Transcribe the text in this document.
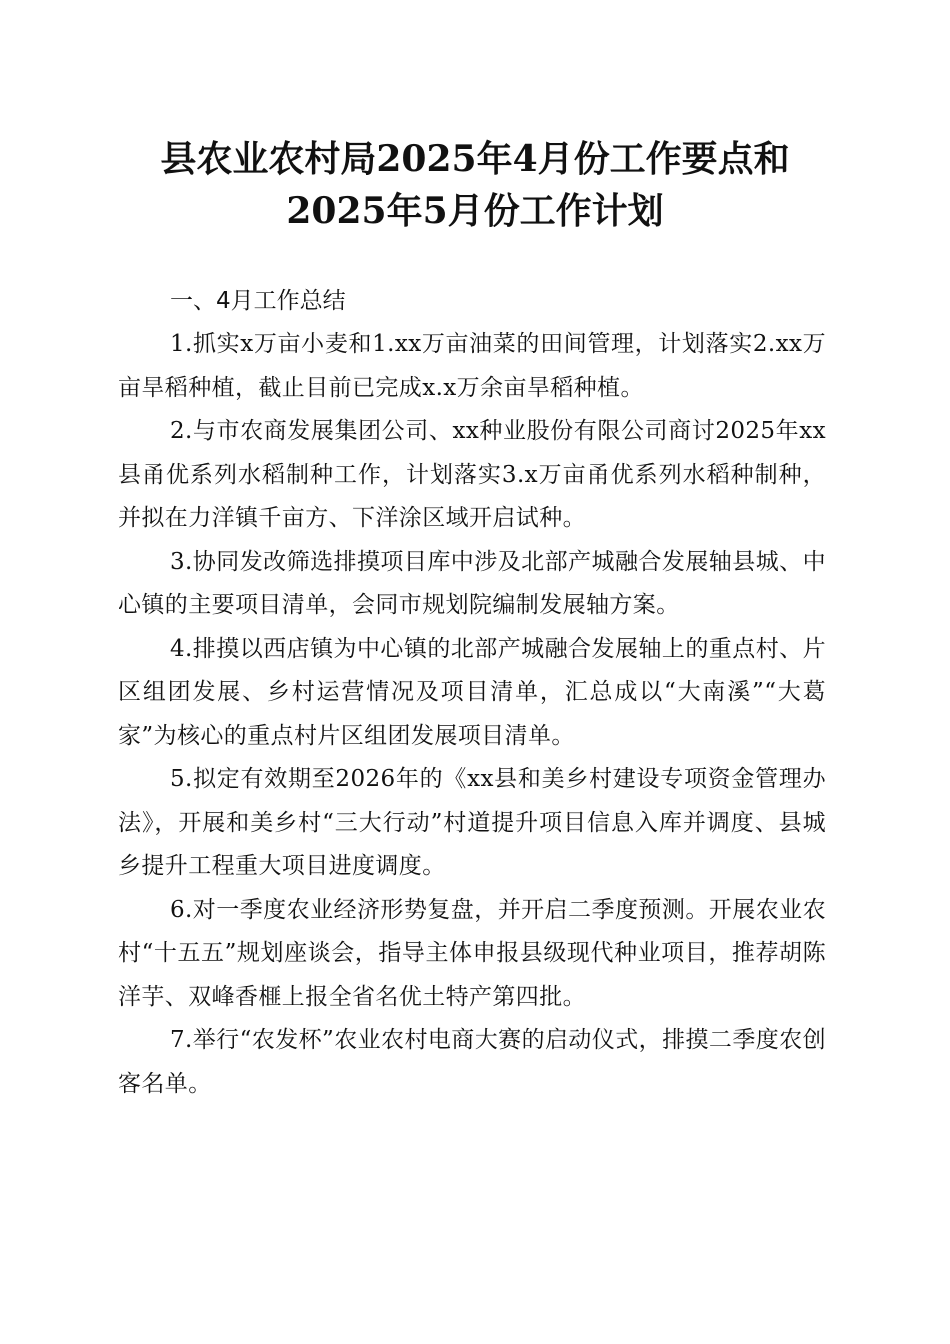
县农业农村局2025年4月份工作要点和2025年5月份工作计划

一、4月工作总结

1.抓实x万亩小麦和1.xx万亩油菜的田间管理，计划落实2.xx万亩旱稻种植，截止目前已完成x.x万余亩旱稻种植。

2.与市农商发展集团公司、xx种业股份有限公司商讨2025年xx县甬优系列水稻制种工作，计划落实3.x万亩甬优系列水稻种制种，并拟在力洋镇千亩方、下洋涂区域开启试种。

3.协同发改筛选排摸项目库中涉及北部产城融合发展轴县城、中心镇的主要项目清单，会同市规划院编制发展轴方案。

4.排摸以西店镇为中心镇的北部产城融合发展轴上的重点村、片区组团发展、乡村运营情况及项目清单，汇总成以“大南溪”“大葛家”为核心的重点村片区组团发展项目清单。

5.拟定有效期至2026年的《xx县和美乡村建设专项资金管理办法》，开展和美乡村“三大行动”村道提升项目信息入库并调度、县城乡提升工程重大项目进度调度。

6.对一季度农业经济形势复盘，并开启二季度预测。开展农业农村“十五五”规划座谈会，指导主体申报县级现代种业项目，推荐胡陈洋芋、双峰香榧上报全省名优土特产第四批。

7.举行“农发杯”农业农村电商大赛的启动仪式，排摸二季度农创客名单。
